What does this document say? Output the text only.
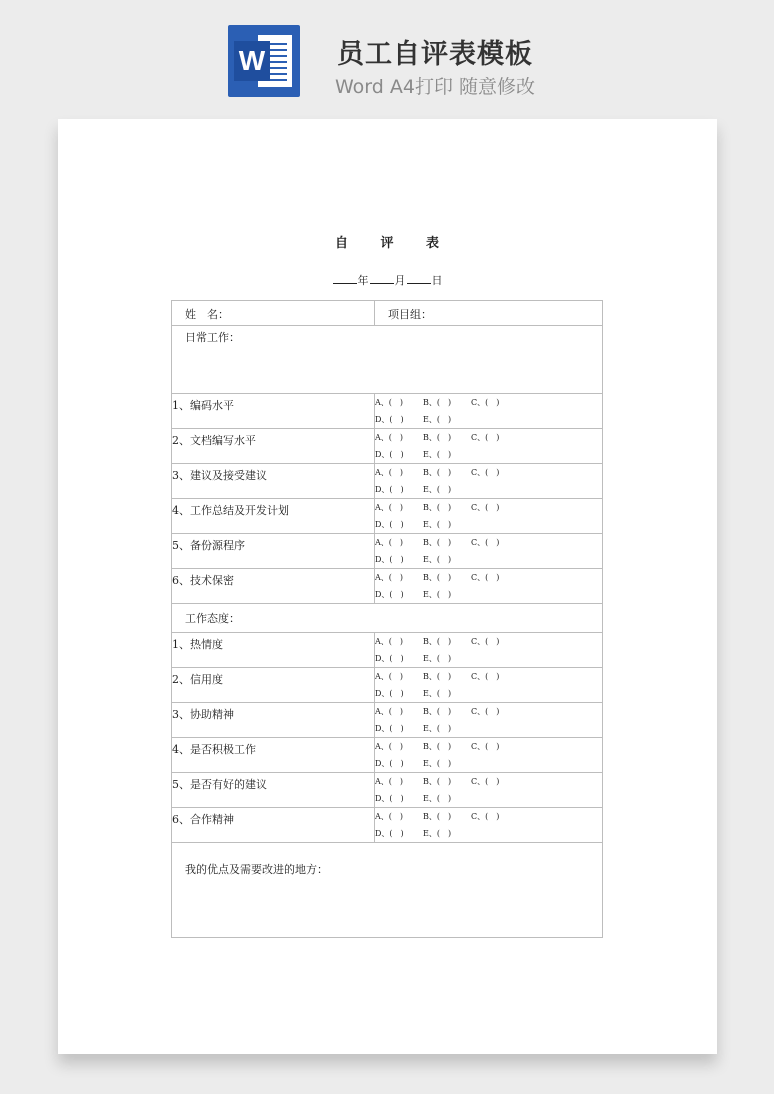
W	员工自评表模板
Word A4打印 随意修改
自 评 表
年 月 日
姓　名：	项目组：

日常工作：	

1、编码水平	A、(　) B、(　) C、(　)
D、(　) E、(　)

2、文档编写水平	A、(　) B、(　) C、(　)
D、(　) E、(　)

3、建议及接受建议	A、(　) B、(　) C、(　)
D、(　) E、(　)

4、工作总结及开发计划	A、(　) B、(　) C、(　)
D、(　) E、(　)

5、备份源程序	A、(　) B、(　) C、(　)
D、(　) E、(　)

6、技术保密	A、(　) B、(　) C、(　)
D、(　) E、(　)

工作态度：	

1、热情度	A、(　) B、(　) C、(　)
D、(　) E、(　)

2、信用度	A、(　) B、(　) C、(　)
D、(　) E、(　)

3、协助精神	A、(　) B、(　) C、(　)
D、(　) E、(　)

4、是否积极工作	A、(　) B、(　) C、(　)
D、(　) E、(　)

5、是否有好的建议	A、(　) B、(　) C、(　)
D、(　) E、(　)

6、合作精神	A、(　) B、(　) C、(　)
D、(　) E、(　)

我的优点及需要改进的地方：	
